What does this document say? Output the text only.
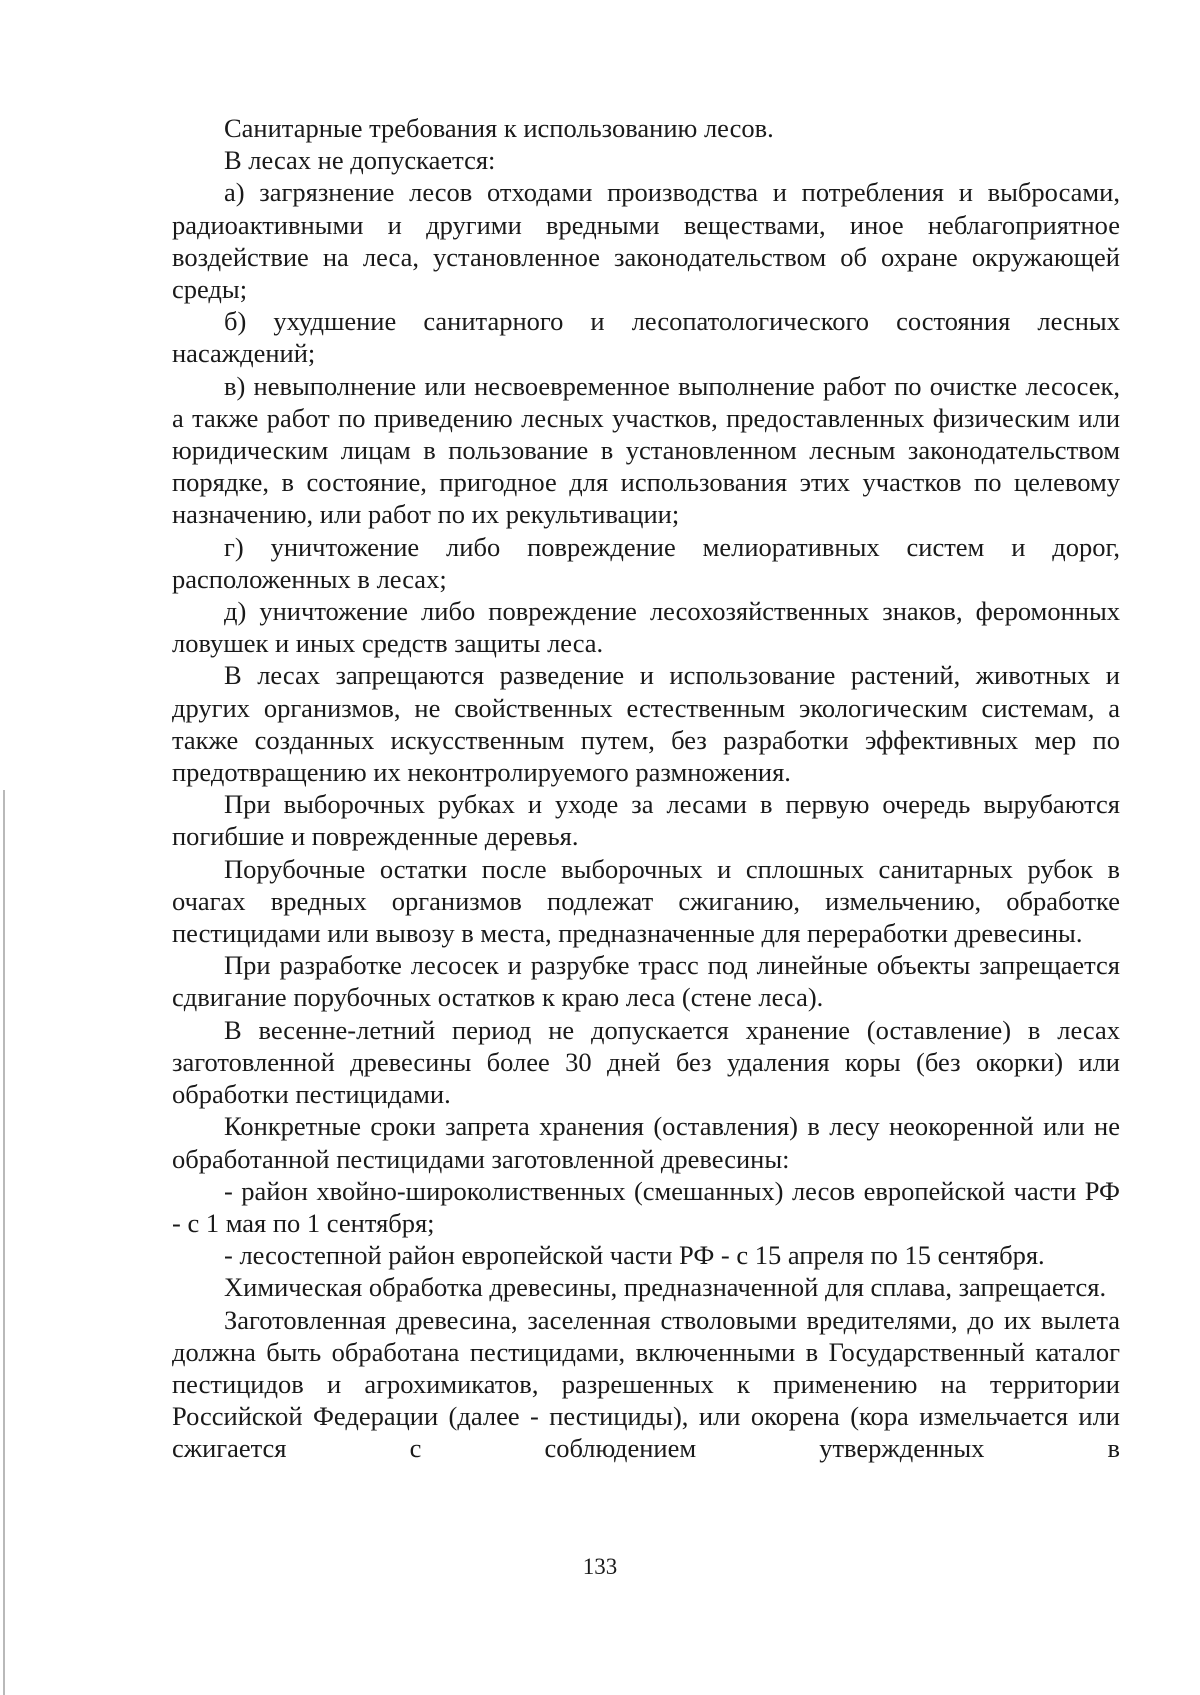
Санитарные требования к использованию лесов.

В лесах не допускается:

а) загрязнение лесов отходами производства и потребления и выбросами, радиоактивными и другими вредными веществами, иное неблагоприятное воздействие на леса, установленное законодательством об охране окружающей среды;

б) ухудшение санитарного и лесопатологического состояния лесных насаждений;

в) невыполнение или несвоевременное выполнение работ по очистке лесосек, а также работ по приведению лесных участков, предоставленных физическим или юридическим лицам в пользование в установленном лесным законодательством порядке, в состояние, пригодное для использования этих участков по целевому назначению, или работ по их рекультивации;

г) уничтожение либо повреждение мелиоративных систем и дорог, расположенных в лесах;

д) уничтожение либо повреждение лесохозяйственных знаков, феромонных ловушек и иных средств защиты леса.

В лесах запрещаются разведение и использование растений, животных и других организмов, не свойственных естественным экологическим системам, а также созданных искусственным путем, без разработки эффективных мер по предотвращению их неконтролируемого размножения.

При выборочных рубках и уходе за лесами в первую очередь вырубаются погибшие и поврежденные деревья.

Порубочные остатки после выборочных и сплошных санитарных рубок в очагах вредных организмов подлежат сжиганию, измельчению, обработке пестицидами или вывозу в места, предназначенные для переработки древесины.

При разработке лесосек и разрубке трасс под линейные объекты запрещается сдвигание порубочных остатков к краю леса (стене леса).

В весенне-летний период не допускается хранение (оставление) в лесах заготовленной древесины более 30 дней без удаления коры (без окорки) или обработки пестицидами.

Конкретные сроки запрета хранения (оставления) в лесу неокоренной или не обработанной пестицидами заготовленной древесины:

- район хвойно-широколиственных (смешанных) лесов европейской части РФ - с 1 мая по 1 сентября;

- лесостепной район европейской части РФ - с 15 апреля по 15 сентября.

Химическая обработка древесины, предназначенной для сплава, запрещается.

Заготовленная древесина, заселенная стволовыми вредителями, до их вылета должна быть обработана пестицидами, включенными в Государственный каталог пестицидов и агрохимикатов, разрешенных к применению на территории Российской Федерации (далее - пестициды), или окорена (кора измельчается или сжигается с соблюдением утвержденных в

133
